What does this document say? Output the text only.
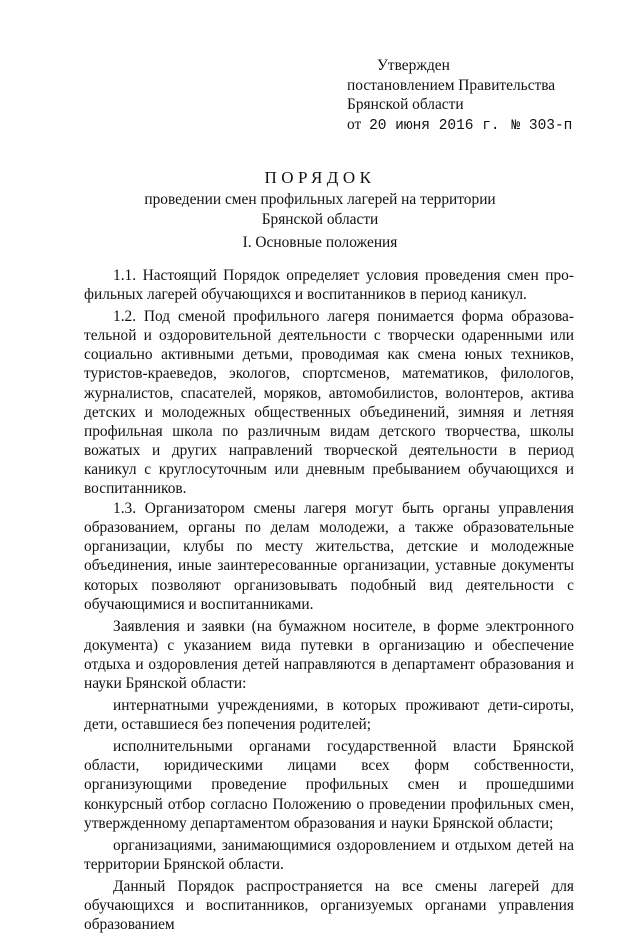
Утвержден
постановлением Правительства
Брянской области
от 20 июня 2016 г. № 303-п
ПОРЯДОК

проведении смен профильных лагерей на территории

Брянской области

I. Основные положения

1.1. Настоящий Порядок определяет условия проведения смен профильных лагерей обучающихся и воспитанников в период каникул.

1.2. Под сменой профильного лагеря понимается форма образовательной и оздоровительной деятельности с творчески одаренными или социально активными детьми, проводимая как смена юных техников, туристов-краеведов, экологов, спортсменов, математиков, филологов, журналистов, спасателей, моряков, автомобилистов, волонтеров, актива детских и молодежных общественных объединений, зимняя и летняя профильная школа по различным видам детского творчества, школы вожатых и других направлений творческой деятельности в период каникул с круглосуточным или дневным пребыванием обучающихся и воспитанников.

1.3. Организатором смены лагеря могут быть органы управления образованием, органы по делам молодежи, а также образовательные организации, клубы по месту жительства, детские и молодежные объединения, иные заинтересованные организации, уставные документы которых позволяют организовывать подобный вид деятельности с обучающимися и воспитанниками.

Заявления и заявки (на бумажном носителе, в форме электронного документа) с указанием вида путевки в организацию и обеспечение отдыха и оздоровления детей направляются в департамент образования и науки Брянской области:

интернатными учреждениями, в которых проживают дети-сироты, дети, оставшиеся без попечения родителей;

исполнительными органами государственной власти Брянской области, юридическими лицами всех форм собственности, организующими проведение профильных смен и прошедшими конкурсный отбор согласно Положению о проведении профильных смен, утвержденному департаментом образования и науки Брянской области;

организациями, занимающимися оздоровлением и отдыхом детей на территории Брянской области.

Данный Порядок распространяется на все смены лагерей для обучающихся и воспитанников, организуемых органами управления образованием
